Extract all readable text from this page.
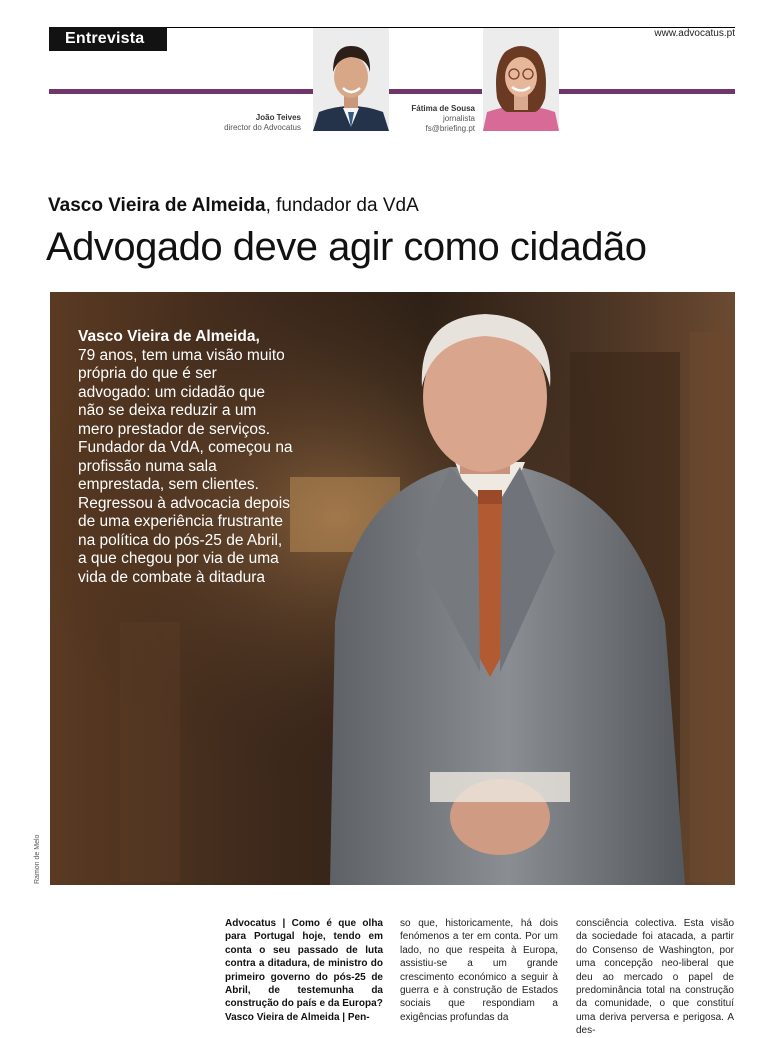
Entrevista	www.advocatus.pt
João Teives
director do Advocatus
Fátima de Sousa
jornalista
fs@briefing.pt
Vasco Vieira de Almeida, fundador da VdA
Advogado deve agir como cidadão
Vasco Vieira de Almeida,
79 anos, tem uma visão muito própria do que é ser advogado: um cidadão que não se deixa reduzir a um mero prestador de serviços. Fundador da VdA, começou na profissão numa sala emprestada, sem clientes. Regressou à advocacia depois de uma experiência frustrante na política do pós-25 de Abril, a que chegou por via de uma vida de combate à ditadura
Ramon de Melo
Advocatus | Como é que olha para Portugal hoje, tendo em conta o seu passado de luta contra a ditadura, de ministro do primeiro governo do pós-25 de Abril, de testemunha da construção do país e da Europa?
Vasco Vieira de Almeida | Pen-
so que, historicamente, há dois fenómenos a ter em conta. Por um lado, no que respeita à Europa, assistiu-se a um grande crescimento económico a seguir à guerra e à construção de Estados sociais que respondiam a exigências profundas da
consciência colectiva. Esta visão da sociedade foi atacada, a partir do Consenso de Washington, por uma concepção neo-liberal que deu ao mercado o papel de predominância total na construção da comunidade, o que constituí uma deriva perversa e perigosa. A des-
